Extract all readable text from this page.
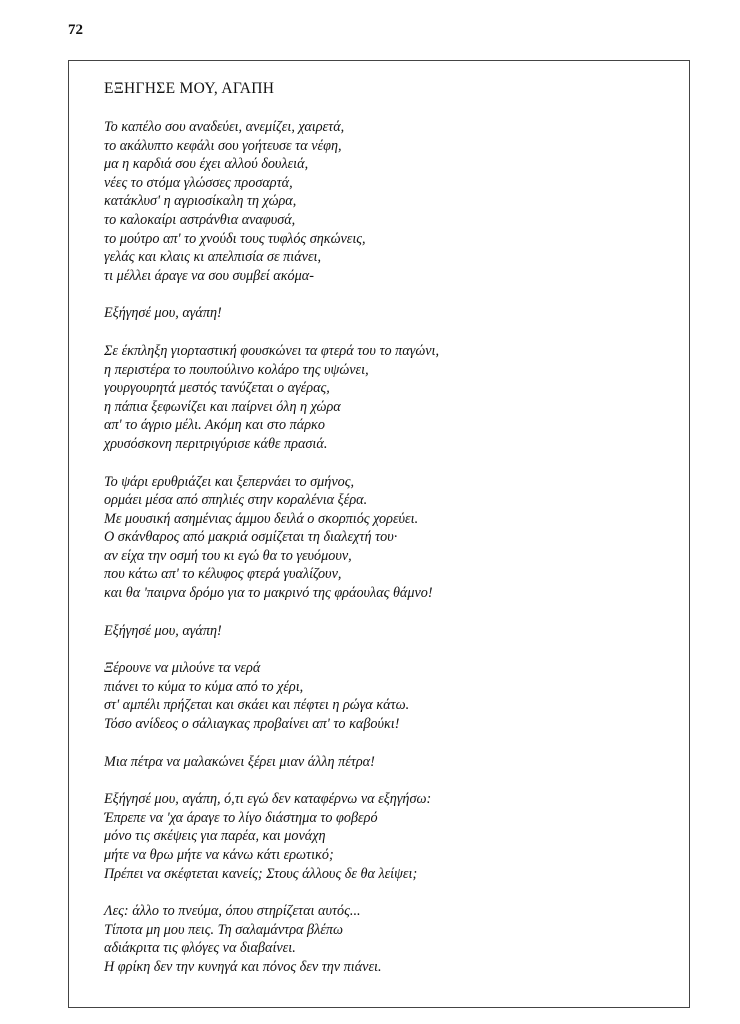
72
ΕΞΗΓΗΣΕ ΜΟΥ, ΑΓΑΠΗ
Το καπέλο σου αναδεύει, ανεμίζει, χαιρετά,
το ακάλυπτο κεφάλι σου γοήτευσε τα νέφη,
μα η καρδιά σου έχει αλλού δουλειά,
νέες το στόμα γλώσσες προσαρτά,
κατάκλυσ' η αγριοσίκαλη τη χώρα,
το καλοκαίρι αστράνθια αναφυσά,
το μούτρο απ' το χνούδι τους τυφλός σηκώνεις,
γελάς και κλαις κι απελπισία σε πιάνει,
τι μέλλει άραγε να σου συμβεί ακόμα-
Εξήγησέ μου, αγάπη!
Σε έκπληξη γιορταστική φουσκώνει τα φτερά του το παγώνι,
η περιστέρα το πουπούλινο κολάρο της υψώνει,
γουργουρητά μεστός τανύζεται ο αγέρας,
η πάπια ξεφωνίζει και παίρνει όλη η χώρα
απ' το άγριο μέλι. Ακόμη και στο πάρκο
χρυσόσκονη περιτριγύρισε κάθε πρασιά.
Το ψάρι ερυθριάζει και ξεπερνάει το σμήνος,
ορμάει μέσα από σπηλιές στην κοραλένια ξέρα.
Με μουσική ασημένιας άμμου δειλά ο σκορπιός χορεύει.
Ο σκάνθαρος από μακριά οσμίζεται τη διαλεχτή του·
αν είχα την οσμή του κι εγώ θα το γευόμουν,
που κάτω απ' το κέλυφος φτερά γυαλίζουν,
και θα 'παιρνα δρόμο για το μακρινό της φράουλας θάμνο!
Εξήγησέ μου, αγάπη!
Ξέρουνε να μιλούνε τα νερά
πιάνει το κύμα το κύμα από το χέρι,
στ' αμπέλι πρήζεται και σκάει και πέφτει η ρώγα κάτω.
Τόσο ανίδεος ο σάλιαγκας προβαίνει απ' το καβούκι!
Μια πέτρα να μαλακώνει ξέρει μιαν άλλη πέτρα!
Εξήγησέ μου, αγάπη, ό,τι εγώ δεν καταφέρνω να εξηγήσω:
Έπρεπε να 'χα άραγε το λίγο διάστημα το φοβερό
μόνο τις σκέψεις για παρέα, και μονάχη
μήτε να θρω μήτε να κάνω κάτι ερωτικό;
Πρέπει να σκέφτεται κανείς; Στους άλλους δε θα λείψει;
Λες: άλλο το πνεύμα, όπου στηρίζεται αυτός...
Τίποτα μη μου πεις. Τη σαλαμάντρα βλέπω
αδιάκριτα τις φλόγες να διαβαίνει.
Η φρίκη δεν την κυνηγά και πόνος δεν την πιάνει.
